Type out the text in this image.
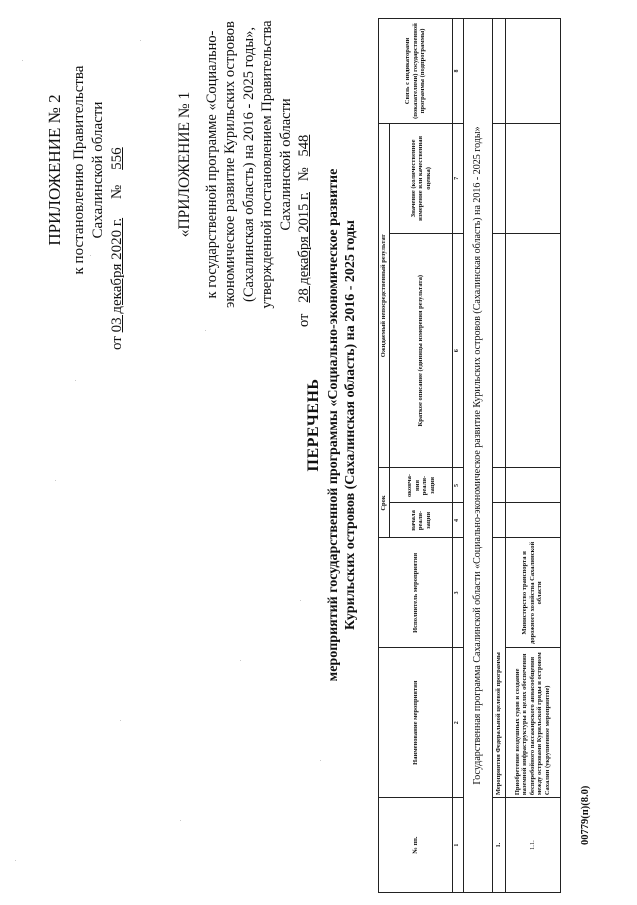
ПРИЛОЖЕНИЕ № 2 к постановлению Правительства Сахалинской области
от 03 декабря 2020 г.     №    556	«ПРИЛОЖЕНИЕ № 1 к государственной программе «Социально- экономическое развитие Курильских островов (Сахалинская область) на 2016 - 2025 годы», утвержденной постановлением Правительства Сахалинской области
от   28 декабря 2015 г.   №   548
ПЕРЕЧЕНЬ мероприятий государственной программы «Социально-экономическое развитие Курильских островов (Сахалинская область) на 2016 - 2025 годы
№ пп.	Наименование мероприятия	Исполнитель мероприятия	Срок		Ожидаемый непосредственный результат		Связь с индикаторами (показателями) государственной программы (подпрограммы)
			начала реали-зации	оконча-ния реали-зации	Краткое описание (единицы измерения результата)	Значение (количественное измерение или качественная оценка)	
1	2	3	4	5	6	7	8
Государственная программа Сахалинской области «Социально-экономическое развитие Курильских островов (Сахалинская область) на 2016 - 2025 годы»							
1.	Мероприятия Федеральной целевой программы						
1.1.	Приобретение воздушных судов и создание наземной инфраструктуры в целях обеспечения бесперебойного пассажирского авиасообщения между островами Курильской гряды и островом Сахалин (укрупненное мероприятие)	Министерство транспорта и дорожного хозяйства Сахалинской области					
00779(п)(8.0)
